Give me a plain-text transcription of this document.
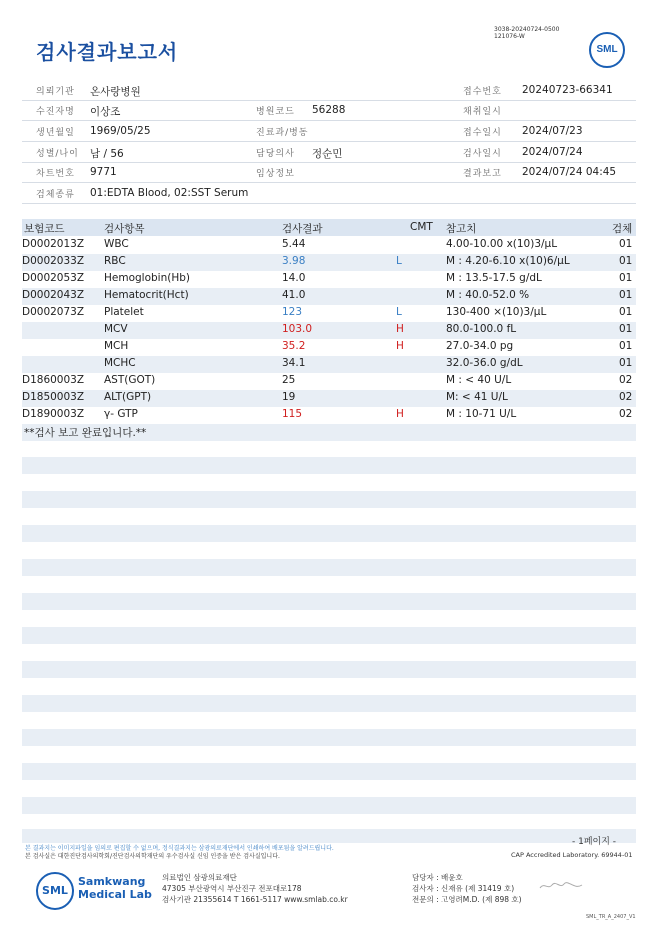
검사결과보고서
3038-20240724-0500
121076-W
SML
의뢰기관 온사랑병원	접수번호 20240723-66341
수진자명 이상조	병원코드 56288	채취일시
생년월일 1969/05/25	진료과/병동	접수일시 2024/07/23
성별/나이 남 / 56	담당의사 정순민	검사일시 2024/07/24
차트번호 9771	임상정보	결과보고 2024/07/24 04:45
검체종류 01:EDTA Blood, 02:SST Serum
보험코드	검사항목	검사결과	CMT 참고치	검체
D0002013Z WBC	5.44	4.00-10.00 x(10)3/μL	01
D0002033Z RBC	3.98	L	M : 4.20-6.10 x(10)6/μL	01
D0002053Z Hemoglobin(Hb)	14.0	M : 13.5-17.5 g/dL	01
D0002043Z Hematocrit(Hct)	41.0	M : 40.0-52.0 %	01
D0002073Z Platelet	123	L	130-400 ×(10)3/μL	01
MCV	103.0	H	80.0-100.0 fL	01
MCH	35.2	H	27.0-34.0 pg	01
MCHC	34.1	32.0-36.0 g/dL	01
D1860003Z AST(GOT)	25	M : < 40 U/L	02
D1850003Z ALT(GPT)	19	M: < 41 U/L	02
D1890003Z γ- GTP	115	H	M : 10-71 U/L	02
**검사 보고 완료입니다.**
- 1페이지 -
본 결과지는 이미지파일을 임의로 편집할 수 없으며, 정식결과지는 삼광의료재단에서 인쇄하여 배포됨을 알려드립니다.
본 검사실은 대한진단검사의학회/진단검사의학재단의 우수검사실 신임 인증을 받은 검사실입니다.	CAP Accredited Laboratory. 69944-01
SML
Samkwang
Medical Lab
의료법인 삼광의료재단
47305 부산광역시 부산진구 전포대로178
검사기관 21355614 T 1661-5117 www.smlab.co.kr
담당자 : 배윤호
검사자 : 신재유 (제 31419 호)
전문의 : 고영려M.D. (제 898 호)
SML_TR_A_2407_V1
